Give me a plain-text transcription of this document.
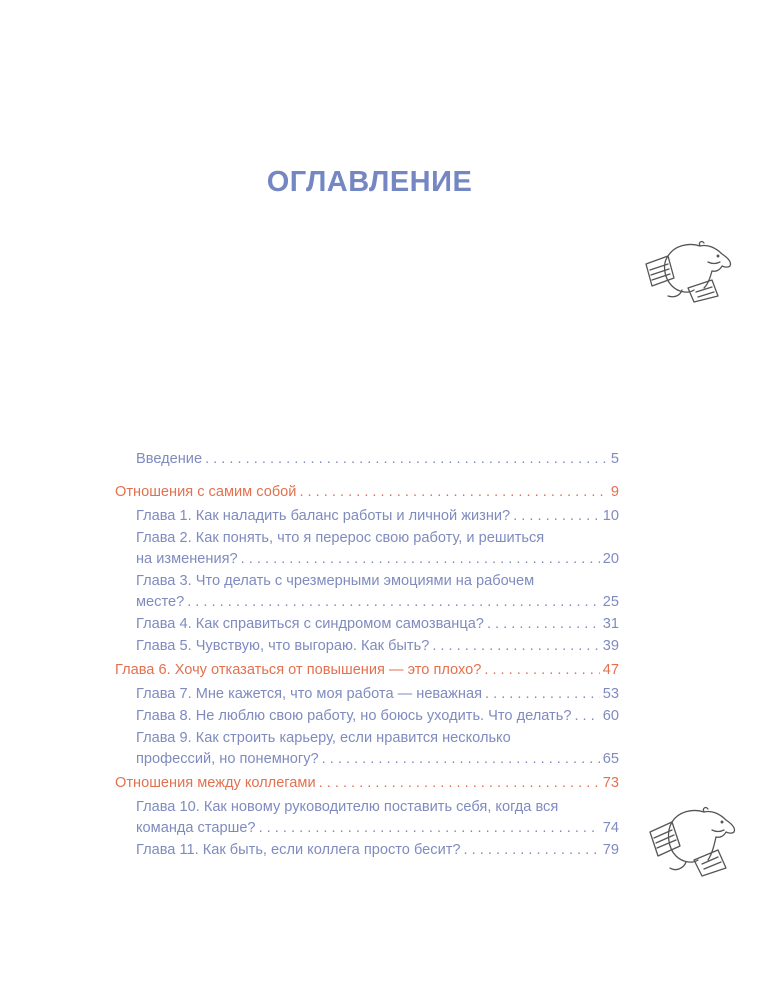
ОГЛАВЛЕНИЕ
Введение . . .	5
Отношения с самим собой . . .	9
Глава 1. Как наладить баланс работы и личной жизни? . . .	10
Глава 2. Как понять, что я перерос свою работу, и решиться
на изменения? . . .	20
Глава 3. Что делать с чрезмерными эмоциями на рабочем
месте? . . .	25
Глава 4. Как справиться с синдромом самозванца? . . .	31
Глава 5. Чувствую, что выгораю. Как быть? . . .	39
Глава 6. Хочу отказаться от повышения — это плохо? . . .	47
Глава 7. Мне кажется, что моя работа — неважная . . .	53
Глава 8. Не люблю свою работу, но боюсь уходить. Что делать? . . . 60
Глава 9. Как строить карьеру, если нравится несколько
профессий, но понемногу? . . .	65
Отношения между коллегами . . .	73
Глава 10. Как новому руководителю поставить себя, когда вся
команда старше? . . .	74
Глава 11. Как быть, если коллега просто бесит? . . .	79
